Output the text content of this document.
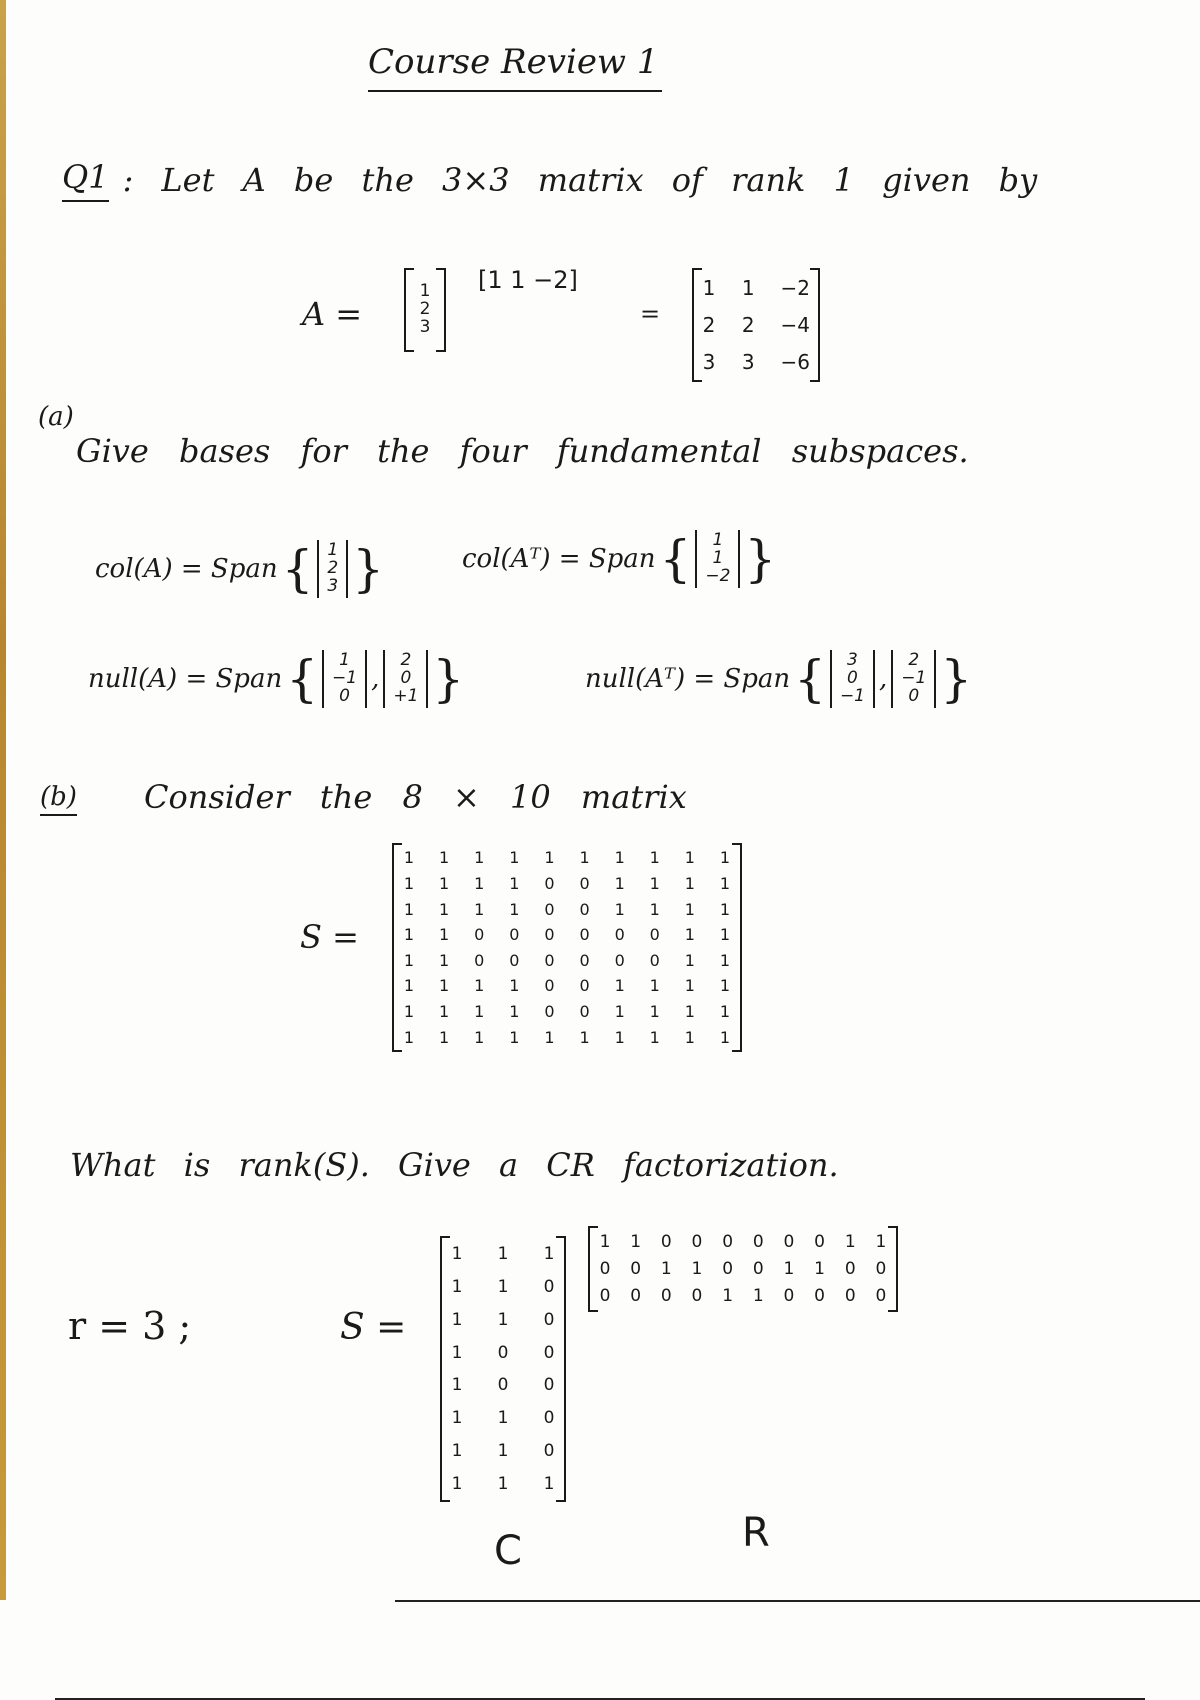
Course Review 1
Q1 : Let A be the 3×3 matrix of rank 1 given by
A =
1
2
3
[1 1 −2]
=
1 1 −2
2 2 −4
3 3 −6
(a)
Give bases for the four fundamental subspaces.
col(A) = Span { 1
2
3 }	col(Aᵀ) = Span { 1
1
−2 }
null(A) = Span { 1
−1
0
,
2
0
+1 }	null(Aᵀ) = Span { 3
0
−1
,
2
−1
0 }
(b) Consider the 8 × 10 matrix
S =
1 1 1 1 1 1 1 1 1 1
1 1 1 1 0 0 1 1 1 1
1 1 1 1 0 0 1 1 1 1
1 1 0 0 0 0 0 0 1 1
1 1 0 0 0 0 0 0 1 1
1 1 1 1 0 0 1 1 1 1
1 1 1 1 0 0 1 1 1 1
1 1 1 1 1 1 1 1 1 1
What is rank(S). Give a CR factorization.
r = 3 ;	S =
1 1 1
1 1 0
1 1 0
1 0 0
1 0 0
1 1 0
1 1 0
1 1 1
1 1 0 0 0 0 0 0 1 1
0 0 1 1 0 0 1 1 0 0
0 0 0 0 1 1 0 0 0 0
C	R
